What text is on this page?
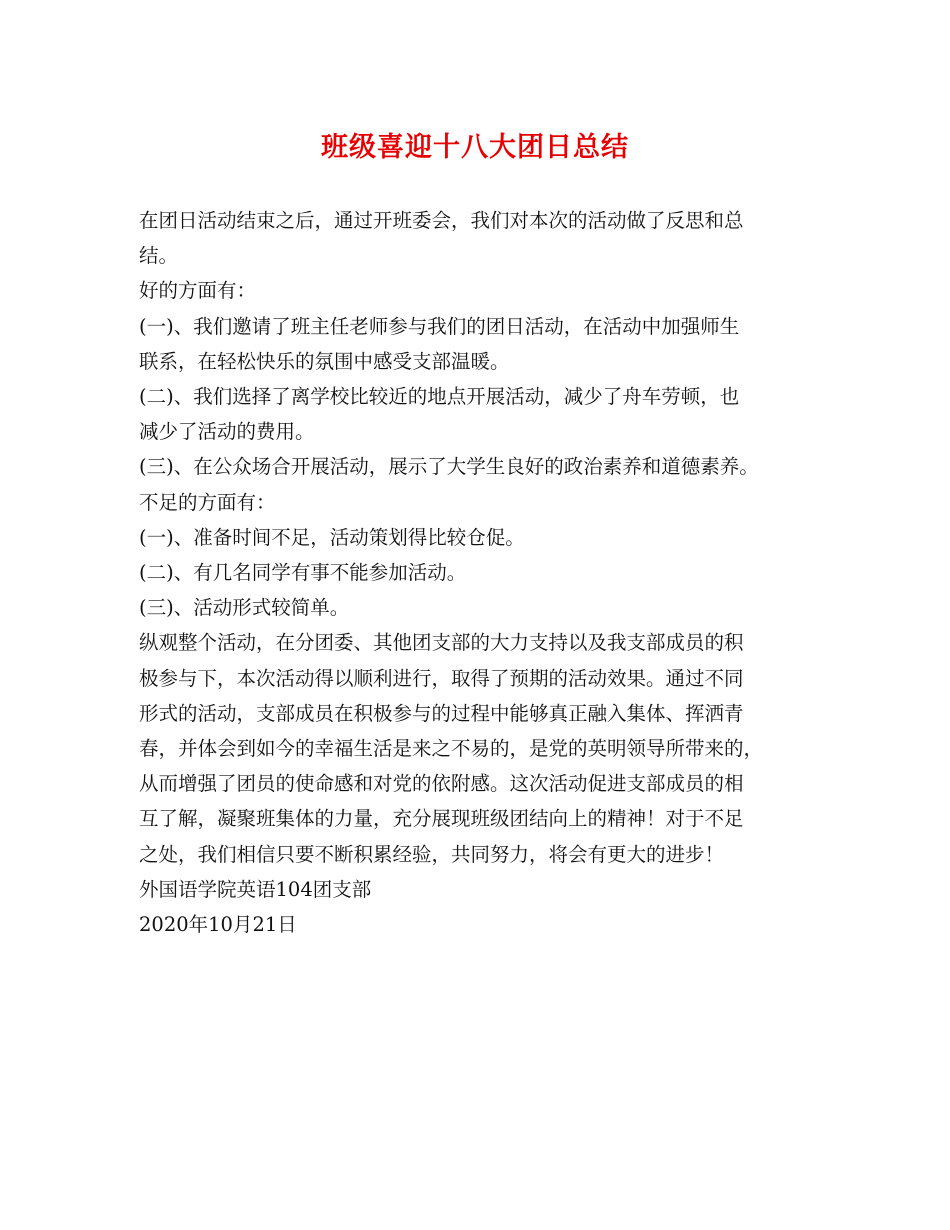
班级喜迎十八大团日总结
在团日活动结束之后，通过开班委会，我们对本次的活动做了反思和总
结。
好的方面有：
(一)、我们邀请了班主任老师参与我们的团日活动，在活动中加强师生
联系，在轻松快乐的氛围中感受支部温暖。
(二)、我们选择了离学校比较近的地点开展活动，减少了舟车劳顿，也
减少了活动的费用。
(三)、在公众场合开展活动，展示了大学生良好的政治素养和道德素养。
不足的方面有：
(一)、准备时间不足，活动策划得比较仓促。
(二)、有几名同学有事不能参加活动。
(三)、活动形式较简单。
纵观整个活动，在分团委、其他团支部的大力支持以及我支部成员的积
极参与下，本次活动得以顺利进行，取得了预期的活动效果。通过不同
形式的活动，支部成员在积极参与的过程中能够真正融入集体、挥洒青
春，并体会到如今的幸福生活是来之不易的，是党的英明领导所带来的，
从而增强了团员的使命感和对党的依附感。这次活动促进支部成员的相
互了解，凝聚班集体的力量，充分展现班级团结向上的精神！对于不足
之处，我们相信只要不断积累经验，共同努力，将会有更大的进步！
外国语学院英语104团支部
2020年10月21日
